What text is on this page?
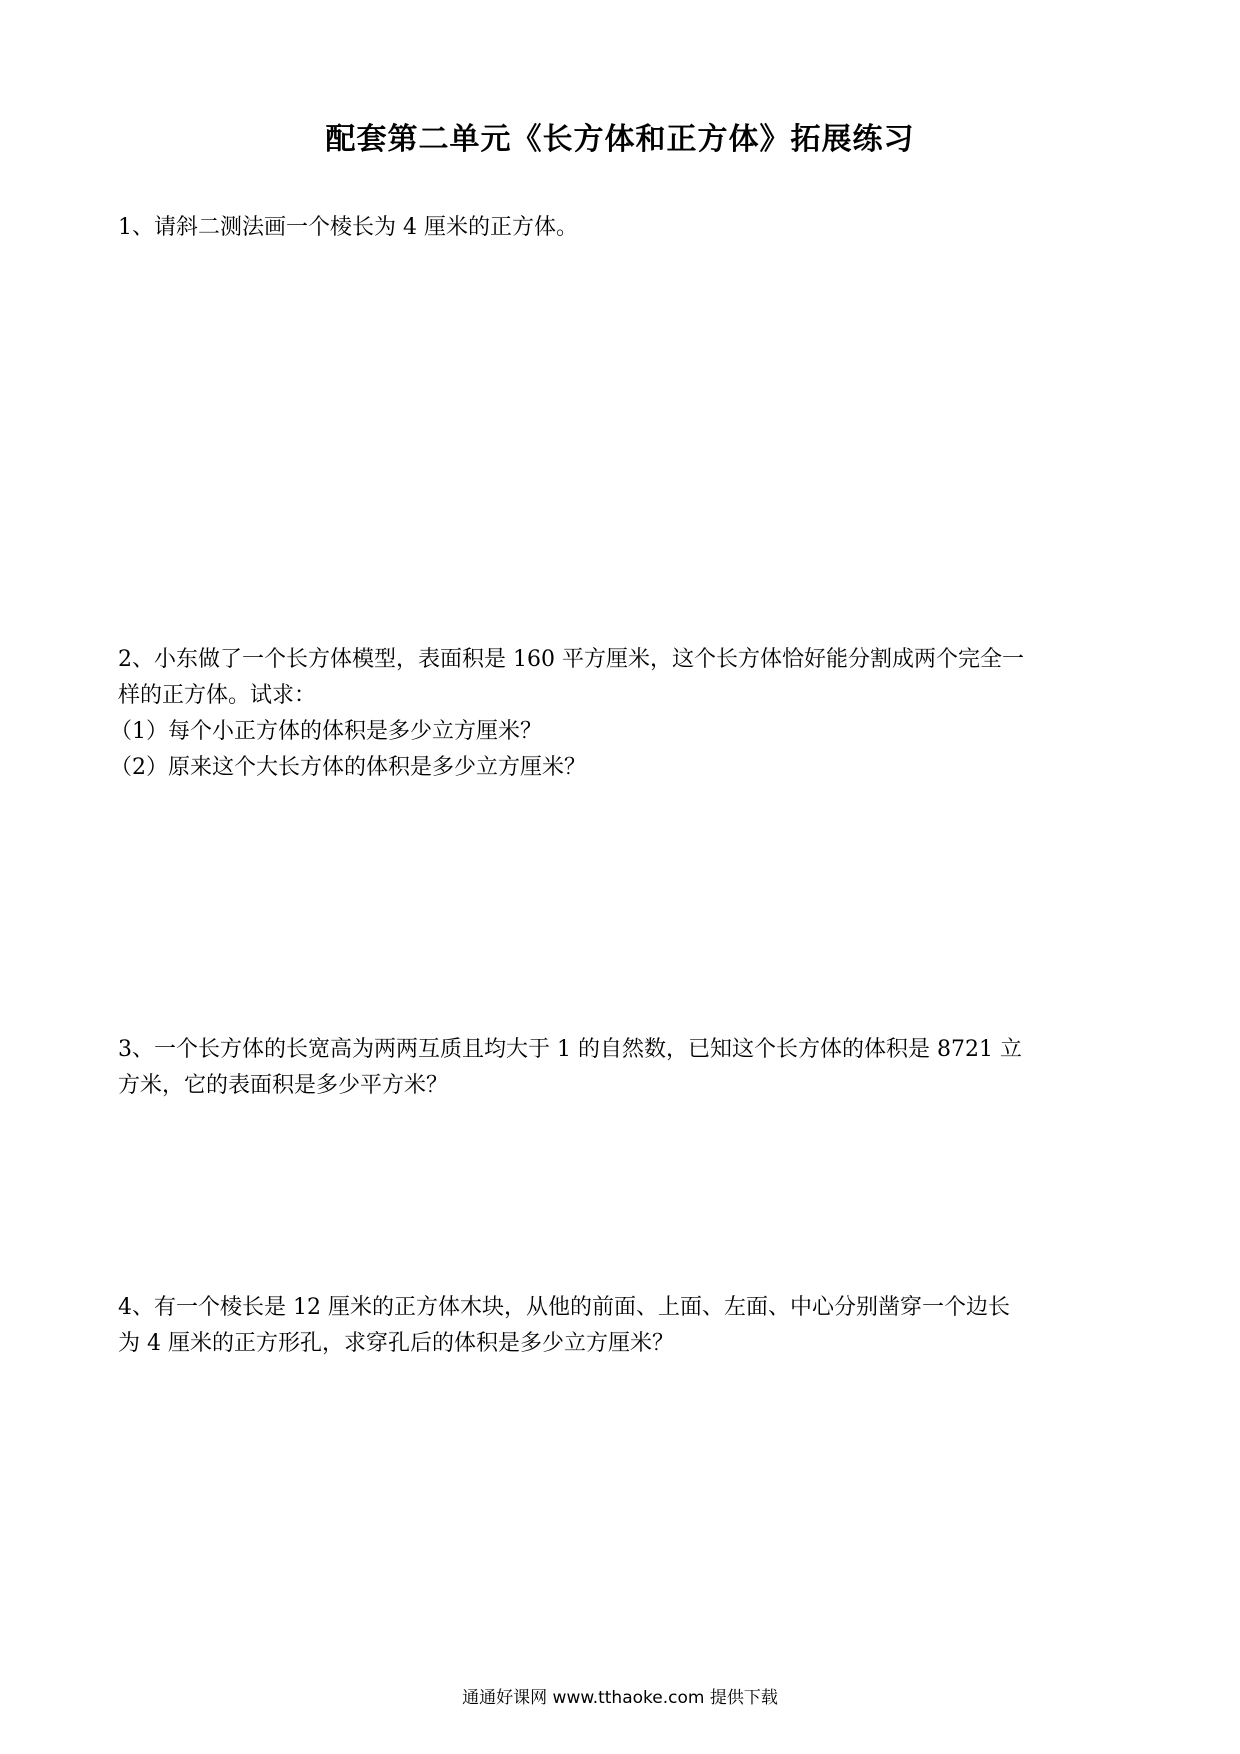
配套第二单元《长方体和正方体》拓展练习
1、请斜二测法画一个棱长为 4 厘米的正方体。
2、小东做了一个长方体模型，表面积是 160 平方厘米，这个长方体恰好能分割成两个完全一
样的正方体。试求：
（1）每个小正方体的体积是多少立方厘米？
（2）原来这个大长方体的体积是多少立方厘米？
3、一个长方体的长宽高为两两互质且均大于 1 的自然数，已知这个长方体的体积是 8721 立
方米，它的表面积是多少平方米？
4、有一个棱长是 12 厘米的正方体木块，从他的前面、上面、左面、中心分别凿穿一个边长
为 4 厘米的正方形孔，求穿孔后的体积是多少立方厘米？
通通好课网 www.tthaoke.com 提供下载
